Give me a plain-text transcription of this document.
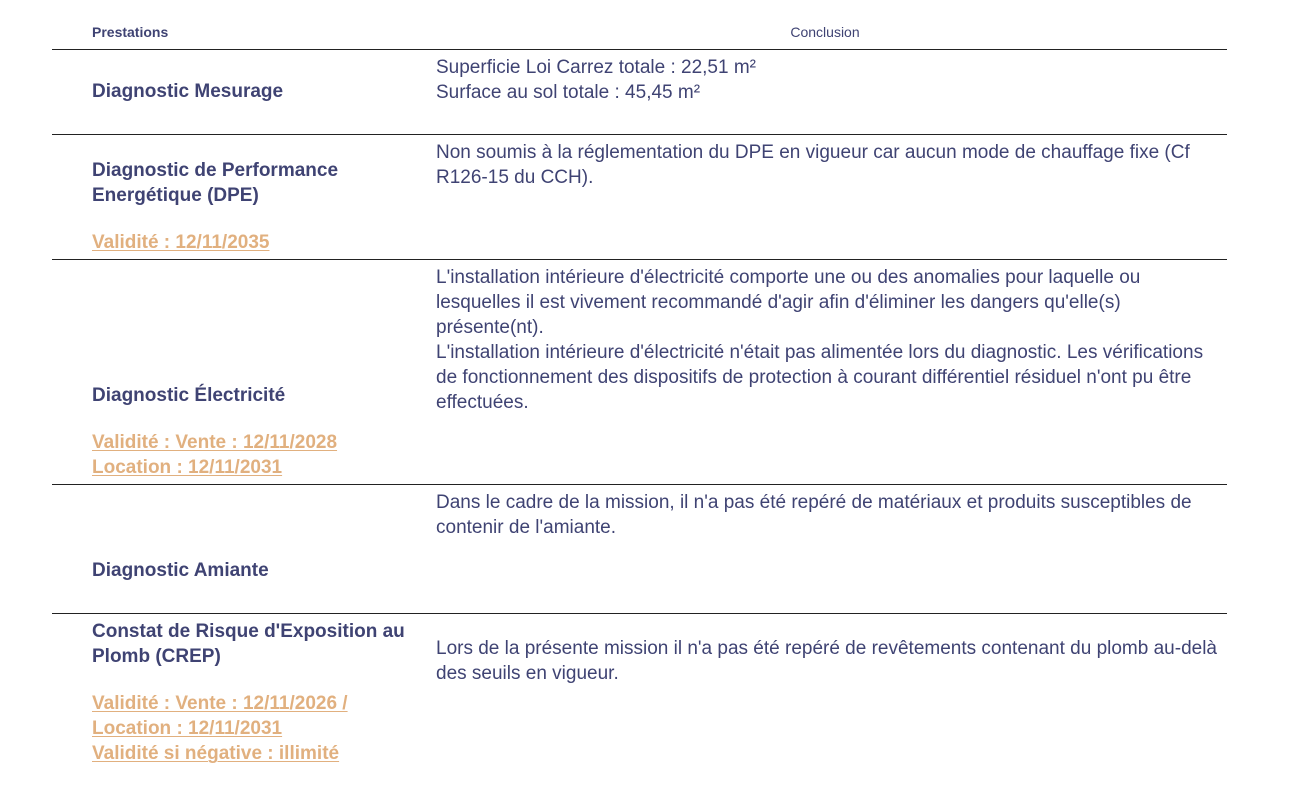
Prestations	Conclusion
Diagnostic Mesurage

Superficie Loi Carrez totale : 22,51 m²

Surface au sol totale : 45,45 m²

Diagnostic de Performance Energétique (DPE)
Validité : 12/11/2035

Non soumis à la réglementation du DPE en vigueur car aucun mode de chauffage fixe (Cf R126-15 du CCH).

Diagnostic Électricité
Validité : Vente : 12/11/2028
Location : 12/11/2031

L'installation intérieure d'électricité comporte une ou des anomalies pour laquelle ou lesquelles il est vivement recommandé d'agir afin d'éliminer les dangers qu'elle(s) présente(nt).

L'installation intérieure d'électricité n'était pas alimentée lors du diagnostic. Les vérifications de fonctionnement des dispositifs de protection à courant différentiel résiduel n'ont pu être effectuées.

Diagnostic Amiante

Dans le cadre de la mission, il n'a pas été repéré de matériaux et produits susceptibles de contenir de l'amiante.

Constat de Risque d'Exposition au Plomb (CREP)
Validité : Vente : 12/11/2026 /
Location : 12/11/2031
Validité si négative : illimité

Lors de la présente mission il n'a pas été repéré de revêtements contenant du plomb au-delà des seuils en vigueur.
